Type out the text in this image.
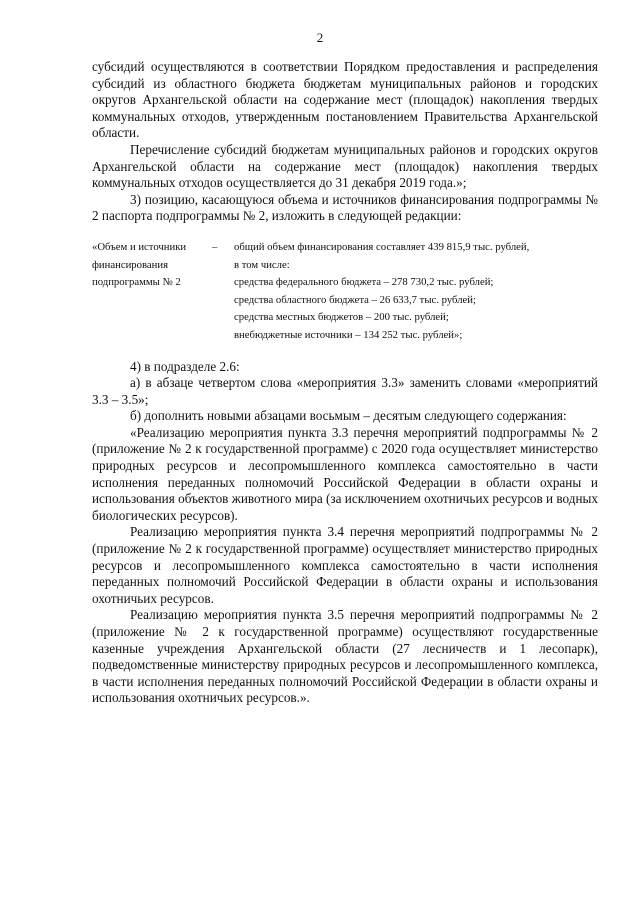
2

субсидий осуществляются в соответствии Порядком предоставления и распределения субсидий из областного бюджета бюджетам муниципальных районов и городских округов Архангельской области на содержание мест (площадок) накопления твердых коммунальных отходов, утвержденным постановлением Правительства Архангельской области.

Перечисление субсидий бюджетам муниципальных районов и городских округов Архангельской области на содержание мест (площадок) накопления твердых коммунальных отходов осуществляется до 31 декабря 2019 года.»;

3) позицию, касающуюся объема и источников финансирования подпрограммы № 2 паспорта подпрограммы № 2, изложить в следующей редакции:

«Объем и источники
финансирования
подпрограммы № 2
–	общий объем финансирования составляет 439 815,9 тыс. рублей,
в том числе:
средства федерального бюджета – 278 730,2 тыс. рублей;
средства областного бюджета – 26 633,7 тыс. рублей;
средства местных бюджетов – 200 тыс. рублей;
внебюджетные источники – 134 252 тыс. рублей»;

4) в подразделе 2.6:

а) в абзаце четвертом слова «мероприятия 3.3» заменить словами «мероприятий 3.3 – 3.5»;

б) дополнить новыми абзацами восьмым – десятым следующего содержания:

«Реализацию мероприятия пункта 3.3 перечня мероприятий подпрограммы № 2 (приложение № 2 к государственной программе) с 2020 года осуществляет министерство природных ресурсов и лесопромышленного комплекса самостоятельно в части исполнения переданных полномочий Российской Федерации в области охраны и использования объектов животного мира (за исключением охотничьих ресурсов и водных биологических ресурсов).

Реализацию мероприятия пункта 3.4 перечня мероприятий подпрограммы № 2 (приложение № 2 к государственной программе) осуществляет министерство природных ресурсов и лесопромышленного комплекса самостоятельно в части исполнения переданных полномочий Российской Федерации в области охраны и использования охотничьих ресурсов.

Реализацию мероприятия пункта 3.5 перечня мероприятий подпрограммы № 2 (приложение № 2 к государственной программе) осуществляют государственные казенные учреждения Архангельской области (27 лесничеств и 1 лесопарк), подведомственные министерству природных ресурсов и лесопромышленного комплекса, в части исполнения переданных полномочий Российской Федерации в области охраны и использования охотничьих ресурсов.».
